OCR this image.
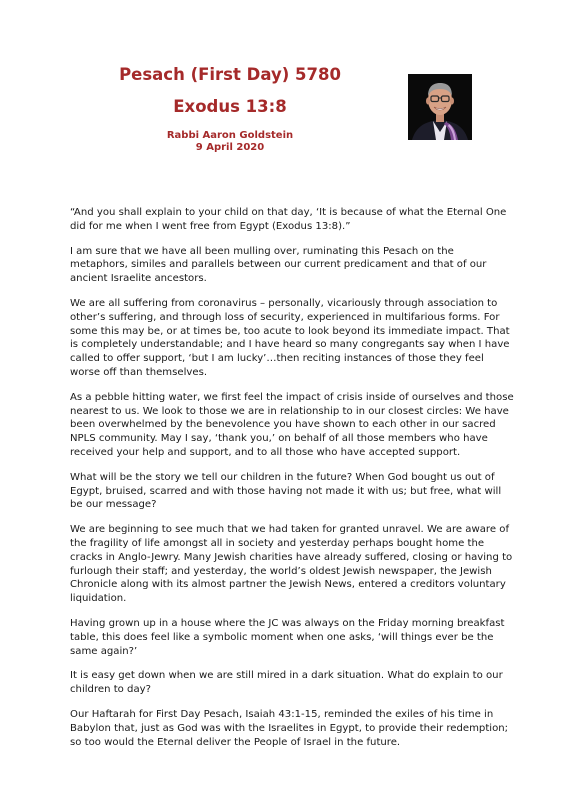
Pesach (First Day) 5780
Exodus 13:8

Rabbi Aaron Goldstein

9 April 2020

“And you shall explain to your child on that day, ‘It is because of what the Eternal One did for me when I went free from Egypt (Exodus 13:8).”

I am sure that we have all been mulling over, ruminating this Pesach on the metaphors, similes and parallels between our current predicament and that of our ancient Israelite ancestors.

We are all suffering from coronavirus – personally, vicariously through association to other’s suffering, and through loss of security, experienced in multifarious forms. For some this may be, or at times be, too acute to look beyond its immediate impact. That is completely understandable; and I have heard so many congregants say when I have called to offer support, ‘but I am lucky’…then reciting instances of those they feel worse off than themselves.

As a pebble hitting water, we first feel the impact of crisis inside of ourselves and those nearest to us. We look to those we are in relationship to in our closest circles: We have been overwhelmed by the benevolence you have shown to each other in our sacred NPLS community. May I say, ‘thank you,’ on behalf of all those members who have received your help and support, and to all those who have accepted support.

What will be the story we tell our children in the future? When God bought us out of Egypt, bruised, scarred and with those having not made it with us; but free, what will be our message?

We are beginning to see much that we had taken for granted unravel. We are aware of the fragility of life amongst all in society and yesterday perhaps bought home the cracks in Anglo-Jewry. Many Jewish charities have already suffered, closing or having to furlough their staff; and yesterday, the world’s oldest Jewish newspaper, the Jewish Chronicle along with its almost partner the Jewish News, entered a creditors voluntary liquidation.

Having grown up in a house where the JC was always on the Friday morning breakfast table, this does feel like a symbolic moment when one asks, ‘will things ever be the same again?’

It is easy get down when we are still mired in a dark situation. What do explain to our children to day?

Our Haftarah for First Day Pesach, Isaiah 43:1-15, reminded the exiles of his time in Babylon that, just as God was with the Israelites in Egypt, to provide their redemption; so too would the Eternal deliver the People of Israel in the future.
